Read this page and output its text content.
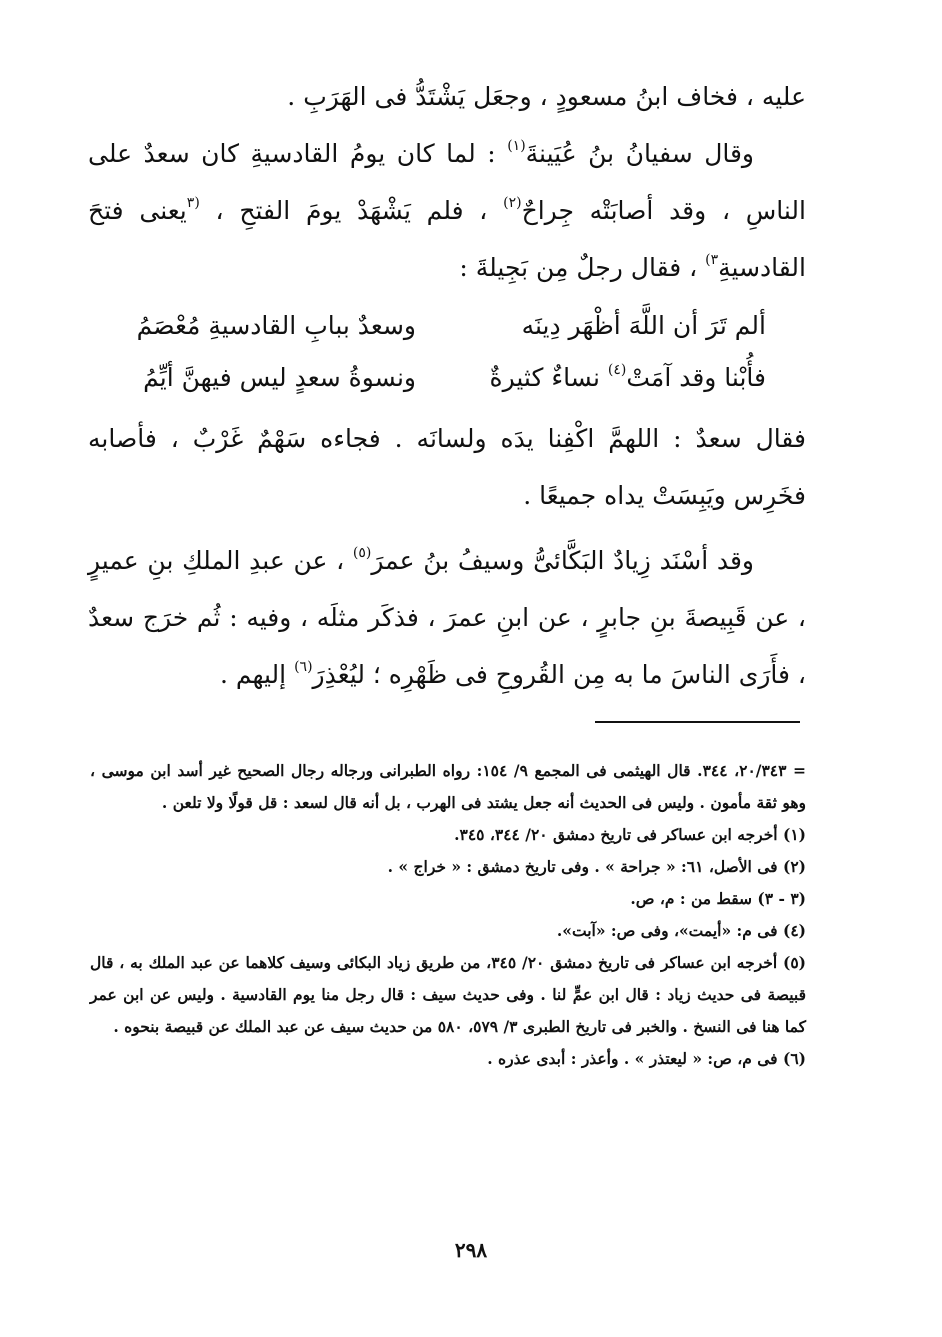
عليه ، فخاف ابنُ مسعودٍ ، وجعَل يَشْتَدُّ فى الهَرَبِ .

وقال سفيانُ بنُ عُيَينةَ$^{(١)}$ : لما كان يومُ القادسيةِ كان سعدٌ على الناسِ ، وقد أصابَتْه جِراحٌ$^{(٢)}$ ، فلم يَشْهَدْ يومَ الفتحِ ، $^{(٣}$يعنى فتحَ القادسيةِ$^{٣)}$ ، فقال رجلٌ مِن بَجِيلةَ :

ألم تَرَ أن اللَّهَ أظْهَر دِينَه
وسعدٌ ببابِ القادسيةِ مُعْصَمُ
فأُبْنا وقد آمَتْ$^{(٤)}$ نساءٌ كثيرةٌ
ونسوةُ سعدٍ ليس فيهنَّ أيِّمُ

فقال سعدٌ : اللهمَّ اكْفِنا يدَه ولسانَه . فجاءه سَهْمٌ غَرْبٌ ، فأصابه فخَرِس ويَبِسَتْ يداه جميعًا .

وقد أسْنَد زِيادٌ البَكَّائىُّ وسيفُ بنُ عمرَ$^{(٥)}$ ، عن عبدِ الملكِ بنِ عميرٍ ، عن قَبِيصةَ بنِ جابرٍ ، عن ابنِ عمرَ ، فذكَر مثلَه ، وفيه : ثُم خرَج سعدٌ ، فأَرَى الناسَ ما به مِن القُروحِ فى ظَهْرِه ؛ ليُعْذِرَ$^{(٦)}$ إليهم .

= ٢٠/٣٤٣، ٣٤٤. قال الهيثمى فى المجمع ٩/ ١٥٤: رواه الطبرانى ورجاله رجال الصحيح غير أسد ابن موسى ، وهو ثقة مأمون . وليس فى الحديث أنه جعل يشتد فى الهرب ، بل أنه قال لسعد : قل قولًا ولا تلعن .

(١) أخرجه ابن عساكر فى تاريخ دمشق ٢٠/ ٣٤٤، ٣٤٥.

(٢) فى الأصل، ٦١: « جراحة » . وفى تاريخ دمشق : « خراج » .

(٣ - ٣) سقط من : م، ص.

(٤) فى م: «أيمت»، وفى ص: «آبت».

(٥) أخرجه ابن عساكر فى تاريخ دمشق ٢٠/ ٣٤٥، من طريق زياد البكائى وسيف كلاهما عن عبد الملك به ، قال قبيصة فى حديث زياد : قال ابن عمٍّ لنا . وفى حديث سيف : قال رجل منا يوم القادسية . وليس عن ابن عمر كما هنا فى النسخ . والخبر فى تاريخ الطبرى ٣/ ٥٧٩، ٥٨٠ من حديث سيف عن عبد الملك عن قبيصة بنحوه .

(٦) فى م، ص: « ليعتذر » . وأعذر : أبدى عذره .

٢٩٨
